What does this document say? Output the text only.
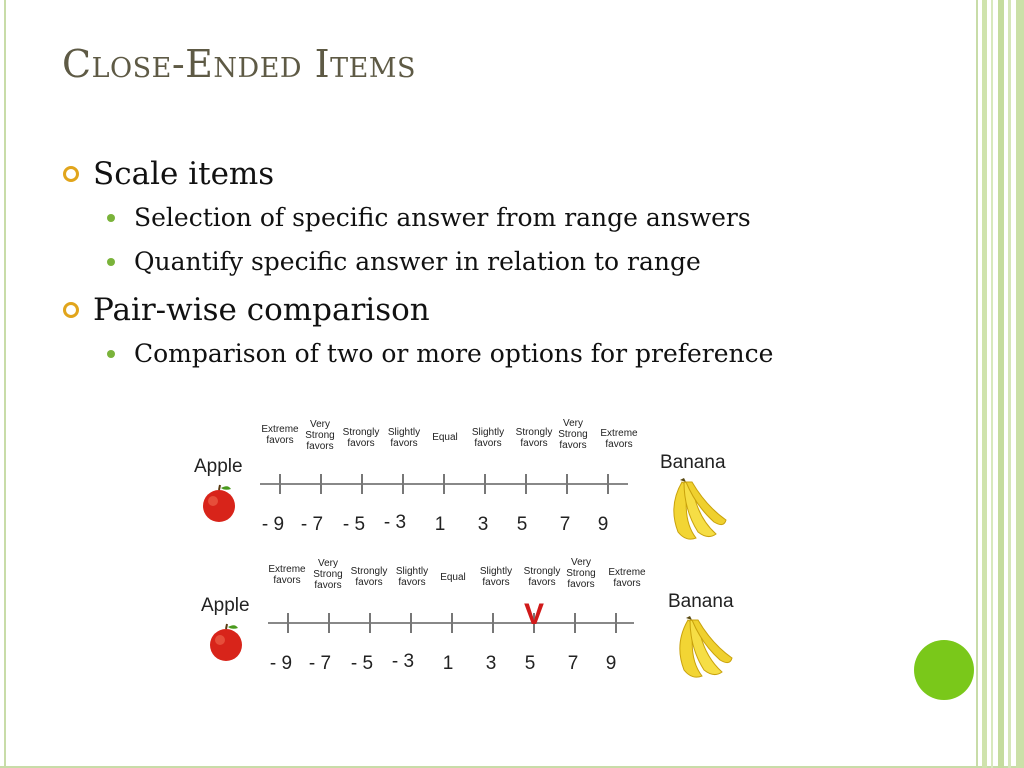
Close-Ended Items
Scale items
Selection of specific answer from range answers
Quantify specific answer in relation to range
Pair-wise comparison
Comparison of two or more options for preference
Apple
Extreme
favors
Very
Strong
favors
Strongly
favors
Slightly
favors
Equal	Slightly
favors
Strongly
favors
Very
Strong
favors
Extreme
favors
- 9 - 7	- 5 - 3	1	3	5	7	9
Banana
Apple
Extreme
favors
Very
Strong
favors
Strongly
favors
Slightly
favors	Equal
Slightly
favors
Strongly
favors
Very
Strong
favors
Extreme
favors
V
- 9 - 7	- 5 - 3	1	3	5	7	9
Banana
